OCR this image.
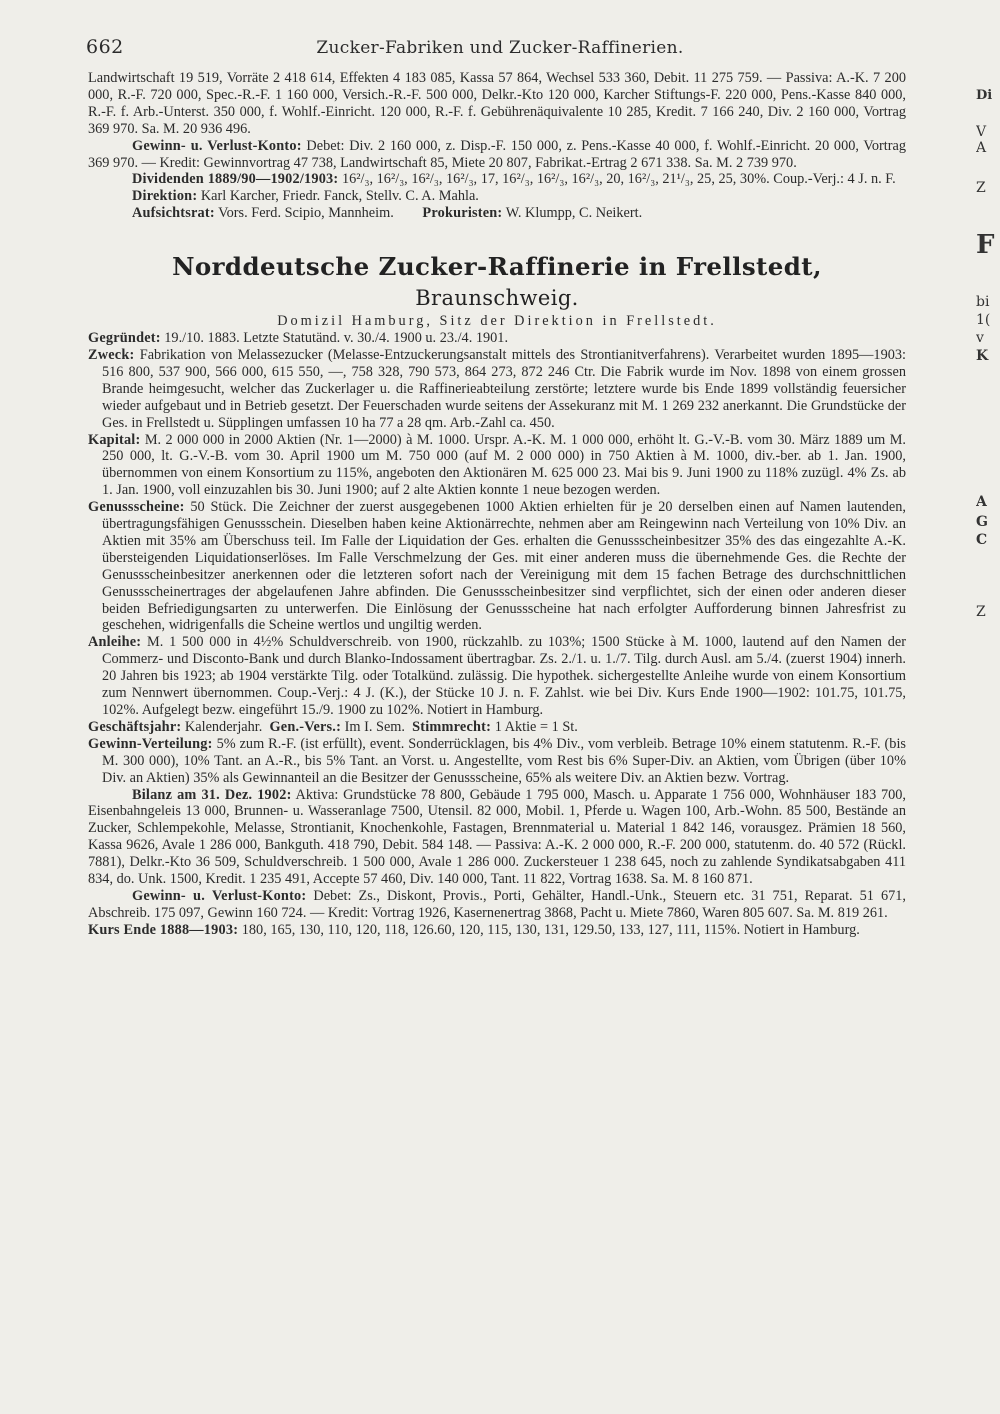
662	Zucker-Fabriken und Zucker-Raffinerien.

Landwirtschaft 19 519, Vorräte 2 418 614, Effekten 4 183 085, Kassa 57 864, Wechsel 533 360, Debit. 11 275 759. — Passiva: A.-K. 7 200 000, R.-F. 720 000, Spec.-R.-F. 1 160 000, Versich.-R.-F. 500 000, Delkr.-Kto 120 000, Karcher Stiftungs-F. 220 000, Pens.-Kasse 840 000, R.-F. f. Arb.-Unterst. 350 000, f. Wohlf.-Einricht. 120 000, R.-F. f. Gebührenäquivalente 10 285, Kredit. 7 166 240, Div. 2 160 000, Vortrag 369 970. Sa. M. 20 936 496.

Gewinn- u. Verlust-Konto: Debet: Div. 2 160 000, z. Disp.-F. 150 000, z. Pens.-Kasse 40 000, f. Wohlf.-Einricht. 20 000, Vortrag 369 970. — Kredit: Gewinnvortrag 47 738, Landwirtschaft 85, Miete 20 807, Fabrikat.-Ertrag 2 671 338. Sa. M. 2 739 970.

Dividenden 1889/90—1902/1903: 16²/₃, 16²/₃, 16²/₃, 16²/₃, 17, 16²/₃, 16²/₃, 16²/₃, 20, 16²/₃, 21¹/₃, 25, 25, 30%. Coup.-Verj.: 4 J. n. F.

Direktion: Karl Karcher, Friedr. Fanck, Stellv. C. A. Mahla.

Aufsichtsrat: Vors. Ferd. Scipio, Mannheim. Prokuristen: W. Klumpp, C. Neikert.

Norddeutsche Zucker-Raffinerie in Frellstedt, Braunschweig.

Domizil Hamburg, Sitz der Direktion in Frellstedt.

Gegründet: 19./10. 1883. Letzte Statutänd. v. 30./4. 1900 u. 23./4. 1901.

Zweck: Fabrikation von Melassezucker (Melasse-Entzuckerungsanstalt mittels des Strontianitverfahrens). Verarbeitet wurden 1895—1903: 516 800, 537 900, 566 000, 615 550, —, 758 328, 790 573, 864 273, 872 246 Ctr. Die Fabrik wurde im Nov. 1898 von einem grossen Brande heimgesucht, welcher das Zuckerlager u. die Raffinerieabteilung zerstörte; letztere wurde bis Ende 1899 vollständig feuersicher wieder aufgebaut und in Betrieb gesetzt. Der Feuerschaden wurde seitens der Assekuranz mit M. 1 269 232 anerkannt. Die Grundstücke der Ges. in Frellstedt u. Süpplingen umfassen 10 ha 77 a 28 qm. Arb.-Zahl ca. 450.

Kapital: M. 2 000 000 in 2000 Aktien (Nr. 1—2000) à M. 1000. Urspr. A.-K. M. 1 000 000, erhöht lt. G.-V.-B. vom 30. März 1889 um M. 250 000, lt. G.-V.-B. vom 30. April 1900 um M. 750 000 (auf M. 2 000 000) in 750 Aktien à M. 1000, div.-ber. ab 1. Jan. 1900, übernommen von einem Konsortium zu 115%, angeboten den Aktionären M. 625 000 23. Mai bis 9. Juni 1900 zu 118% zuzügl. 4% Zs. ab 1. Jan. 1900, voll einzuzahlen bis 30. Juni 1900; auf 2 alte Aktien konnte 1 neue bezogen werden.

Genussscheine: 50 Stück. Die Zeichner der zuerst ausgegebenen 1000 Aktien erhielten für je 20 derselben einen auf Namen lautenden, übertragungsfähigen Genussschein. Dieselben haben keine Aktionärrechte, nehmen aber am Reingewinn nach Verteilung von 10% Div. an Aktien mit 35% am Überschuss teil. Im Falle der Liquidation der Ges. erhalten die Genussscheinbesitzer 35% des das eingezahlte A.-K. übersteigenden Liquidationserlöses. Im Falle Verschmelzung der Ges. mit einer anderen muss die übernehmende Ges. die Rechte der Genussscheinbesitzer anerkennen oder die letzteren sofort nach der Vereinigung mit dem 15 fachen Betrage des durchschnittlichen Genussscheinertrages der abgelaufenen Jahre abfinden. Die Genussscheinbesitzer sind verpflichtet, sich der einen oder anderen dieser beiden Befriedigungsarten zu unterwerfen. Die Einlösung der Genussscheine hat nach erfolgter Aufforderung binnen Jahresfrist zu geschehen, widrigenfalls die Scheine wertlos und ungiltig werden.

Anleihe: M. 1 500 000 in 4½% Schuldverschreib. von 1900, rückzahlb. zu 103%; 1500 Stücke à M. 1000, lautend auf den Namen der Commerz- und Disconto-Bank und durch Blanko-Indossament übertragbar. Zs. 2./1. u. 1./7. Tilg. durch Ausl. am 5./4. (zuerst 1904) innerh. 20 Jahren bis 1923; ab 1904 verstärkte Tilg. oder Totalkünd. zulässig. Die hypothek. sichergestellte Anleihe wurde von einem Konsortium zum Nennwert übernommen. Coup.-Verj.: 4 J. (K.), der Stücke 10 J. n. F. Zahlst. wie bei Div. Kurs Ende 1900—1902: 101.75, 101.75, 102%. Aufgelegt bezw. eingeführt 15./9. 1900 zu 102%. Notiert in Hamburg.

Geschäftsjahr: Kalenderjahr. Gen.-Vers.: Im I. Sem. Stimmrecht: 1 Aktie = 1 St.

Gewinn-Verteilung: 5% zum R.-F. (ist erfüllt), event. Sonderrücklagen, bis 4% Div., vom verbleib. Betrage 10% einem statutenm. R.-F. (bis M. 300 000), 10% Tant. an A.-R., bis 5% Tant. an Vorst. u. Angestellte, vom Rest bis 6% Super-Div. an Aktien, vom Übrigen (über 10% Div. an Aktien) 35% als Gewinnanteil an die Besitzer der Genussscheine, 65% als weitere Div. an Aktien bezw. Vortrag.

Bilanz am 31. Dez. 1902: Aktiva: Grundstücke 78 800, Gebäude 1 795 000, Masch. u. Apparate 1 756 000, Wohnhäuser 183 700, Eisenbahngeleis 13 000, Brunnen- u. Wasseranlage 7500, Utensil. 82 000, Mobil. 1, Pferde u. Wagen 100, Arb.-Wohn. 85 500, Bestände an Zucker, Schlempekohle, Melasse, Strontianit, Knochenkohle, Fastagen, Brennmaterial u. Material 1 842 146, vorausgez. Prämien 18 560, Kassa 9626, Avale 1 286 000, Bankguth. 418 790, Debit. 584 148. — Passiva: A.-K. 2 000 000, R.-F. 200 000, statutenm. do. 40 572 (Rückl. 7881), Delkr.-Kto 36 509, Schuldverschreib. 1 500 000, Avale 1 286 000. Zuckersteuer 1 238 645, noch zu zahlende Syndikatsabgaben 411 834, do. Unk. 1500, Kredit. 1 235 491, Accepte 57 460, Div. 140 000, Tant. 11 822, Vortrag 1638. Sa. M. 8 160 871.

Gewinn- u. Verlust-Konto: Debet: Zs., Diskont, Provis., Porti, Gehälter, Handl.-Unk., Steuern etc. 31 751, Reparat. 51 671, Abschreib. 175 097, Gewinn 160 724. — Kredit: Vortrag 1926, Kasernenertrag 3868, Pacht u. Miete 7860, Waren 805 607. Sa. M. 819 261.

Kurs Ende 1888—1903: 180, 165, 130, 110, 120, 118, 126.60, 120, 115, 130, 131, 129.50, 133, 127, 111, 115%. Notiert in Hamburg.

Di
V
A
Z
F
bi
1(
v
K
A
G
C
Z
